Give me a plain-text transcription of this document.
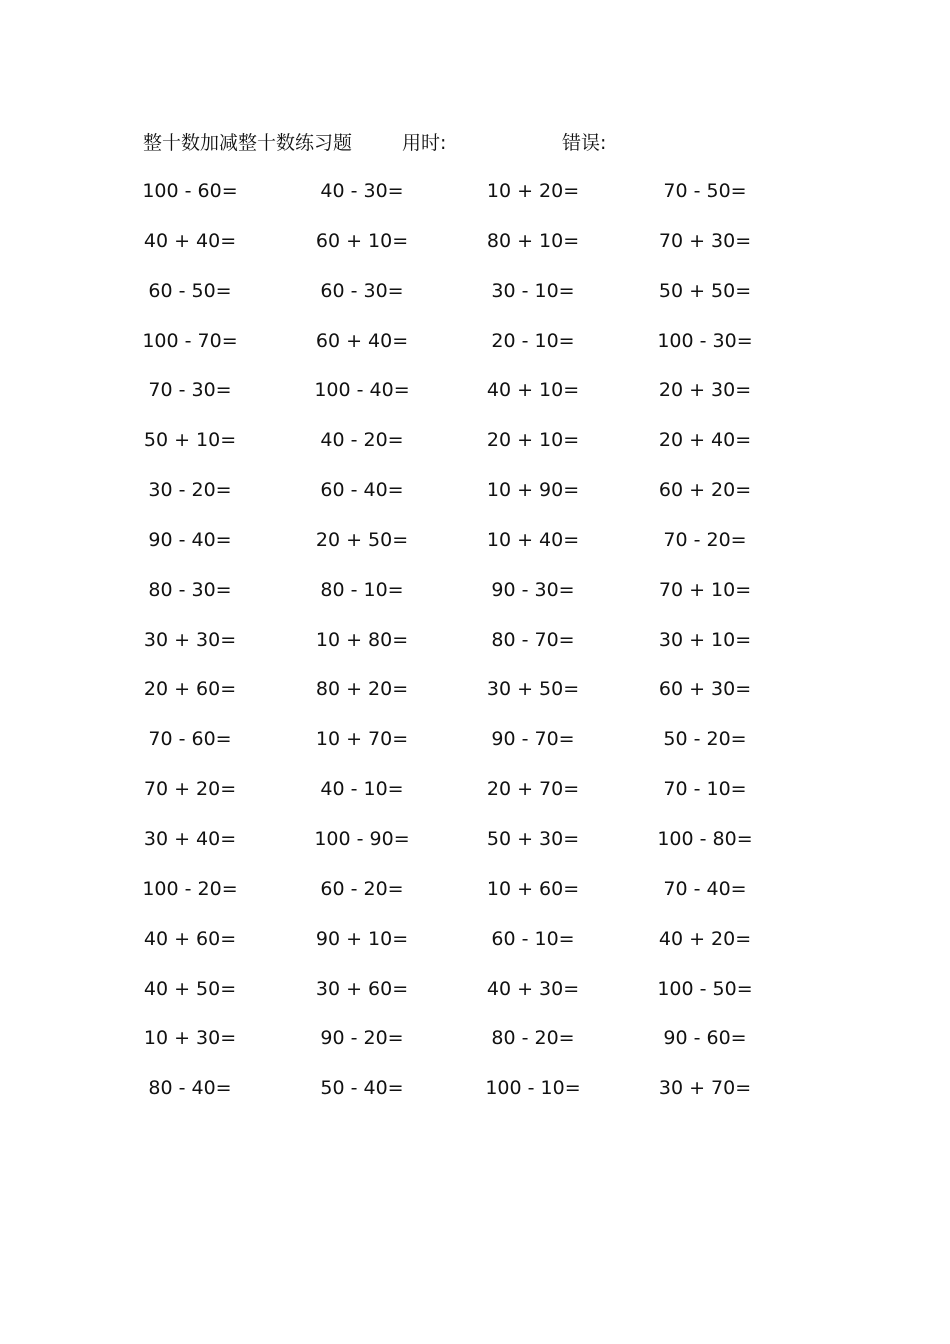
整十数加减整十数练习题	用时:	错误:
100 - 60=	40 - 30=	10 + 20=	70 - 50=
40 + 40=	60 + 10=	80 + 10=	70 + 30=
60 - 50=	60 - 30=	30 - 10=	50 + 50=
100 - 70=	60 + 40=	20 - 10=	100 - 30=
70 - 30=	100 - 40=	40 + 10=	20 + 30=
50 + 10=	40 - 20=	20 + 10=	20 + 40=
30 - 20=	60 - 40=	10 + 90=	60 + 20=
90 - 40=	20 + 50=	10 + 40=	70 - 20=
80 - 30=	80 - 10=	90 - 30=	70 + 10=
30 + 30=	10 + 80=	80 - 70=	30 + 10=
20 + 60=	80 + 20=	30 + 50=	60 + 30=
70 - 60=	10 + 70=	90 - 70=	50 - 20=
70 + 20=	40 - 10=	20 + 70=	70 - 10=
30 + 40=	100 - 90=	50 + 30=	100 - 80=
100 - 20=	60 - 20=	10 + 60=	70 - 40=
40 + 60=	90 + 10=	60 - 10=	40 + 20=
40 + 50=	30 + 60=	40 + 30=	100 - 50=
10 + 30=	90 - 20=	80 - 20=	90 - 60=
80 - 40=	50 - 40=	100 - 10=	30 + 70=
